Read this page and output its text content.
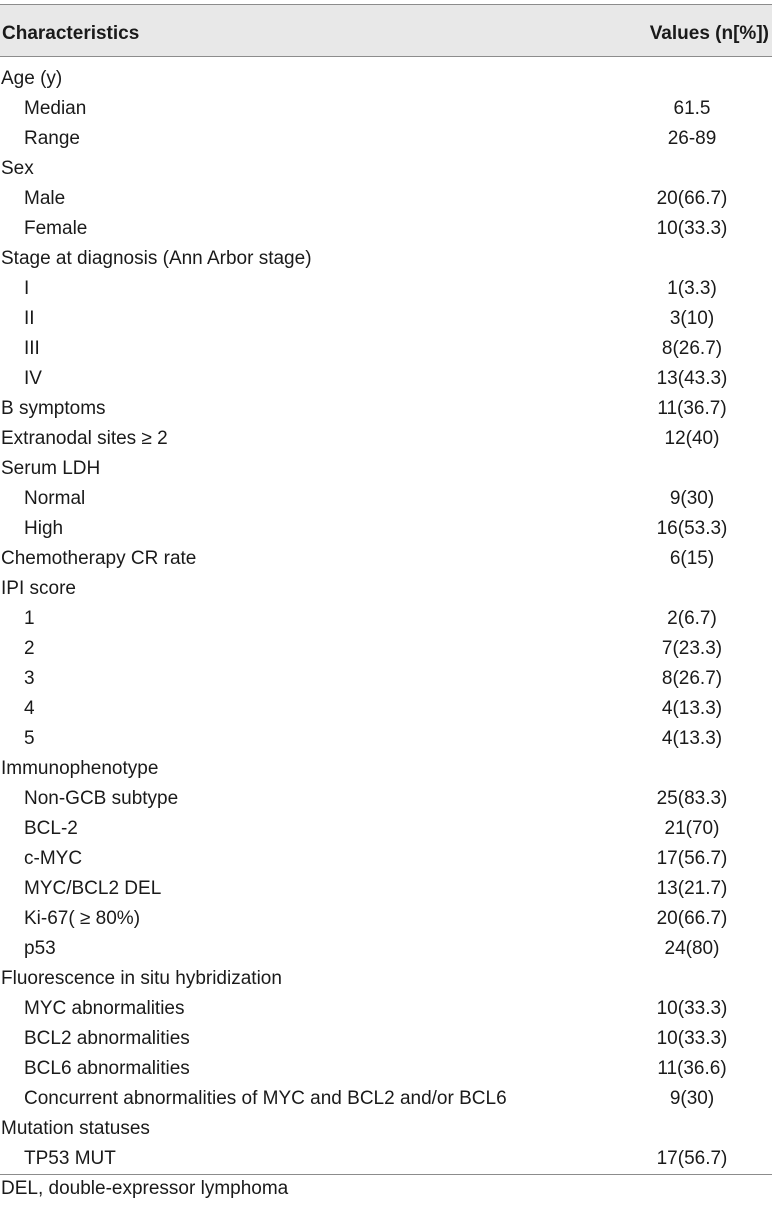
Characteristics	Values (n[%])
Age (y)
Median	61.5
Range	26-89
Sex
Male	20(66.7)
Female	10(33.3)
Stage at diagnosis (Ann Arbor stage)
I	1(3.3)
II	3(10)
III	8(26.7)
IV	13(43.3)
B symptoms	11(36.7)
Extranodal sites ≥ 2	12(40)
Serum LDH
Normal	9(30)
High	16(53.3)
Chemotherapy CR rate	6(15)
IPI score
1	2(6.7)
2	7(23.3)
3	8(26.7)
4	4(13.3)
5	4(13.3)
Immunophenotype
Non-GCB subtype	25(83.3)
BCL-2	21(70)
c-MYC	17(56.7)
MYC/BCL2 DEL	13(21.7)
Ki-67( ≥ 80%)	20(66.7)
p53	24(80)
Fluorescence in situ hybridization
MYC abnormalities	10(33.3)
BCL2 abnormalities	10(33.3)
BCL6 abnormalities	11(36.6)
Concurrent abnormalities of MYC and BCL2 and/or BCL6	9(30)
Mutation statuses
TP53 MUT	17(56.7)
DEL, double-expressor lymphoma
